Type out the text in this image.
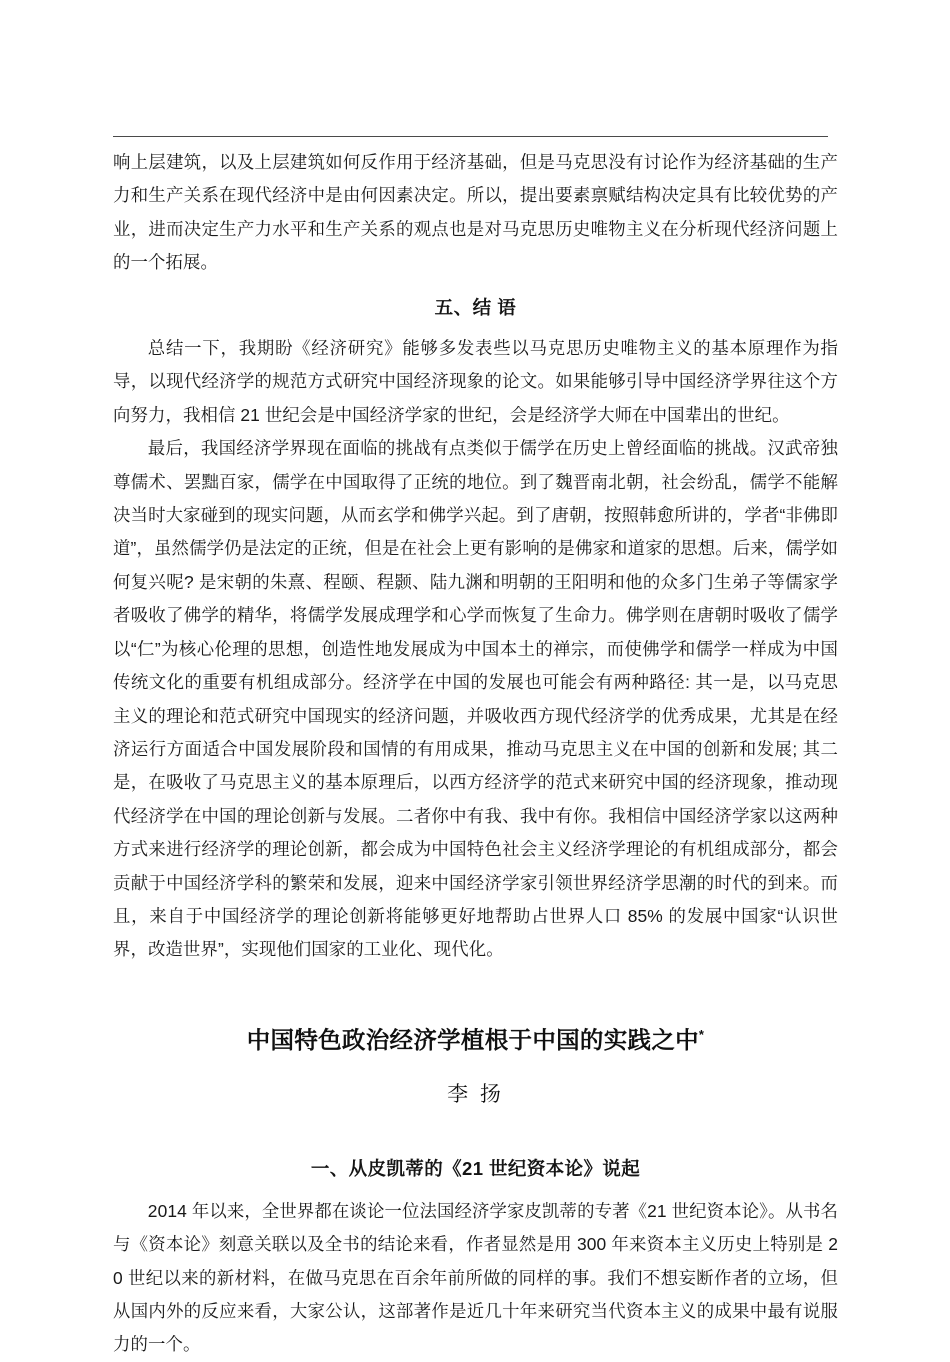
响上层建筑，以及上层建筑如何反作用于经济基础，但是马克思没有讨论作为经济基础的生产力和生产关系在现代经济中是由何因素决定。所以，提出要素禀赋结构决定具有比较优势的产业，进而决定生产力水平和生产关系的观点也是对马克思历史唯物主义在分析现代经济问题上的一个拓展。

五、结 语

总结一下，我期盼《经济研究》能够多发表些以马克思历史唯物主义的基本原理作为指导，以现代经济学的规范方式研究中国经济现象的论文。如果能够引导中国经济学界往这个方向努力，我相信 21 世纪会是中国经济学家的世纪，会是经济学大师在中国辈出的世纪。

最后，我国经济学界现在面临的挑战有点类似于儒学在历史上曾经面临的挑战。汉武帝独尊儒术、罢黜百家，儒学在中国取得了正统的地位。到了魏晋南北朝，社会纷乱，儒学不能解决当时大家碰到的现实问题，从而玄学和佛学兴起。到了唐朝，按照韩愈所讲的，学者“非佛即道”，虽然儒学仍是法定的正统，但是在社会上更有影响的是佛家和道家的思想。后来，儒学如何复兴呢? 是宋朝的朱熹、程颐、程颢、陆九渊和明朝的王阳明和他的众多门生弟子等儒家学者吸收了佛学的精华，将儒学发展成理学和心学而恢复了生命力。佛学则在唐朝时吸收了儒学以“仁”为核心伦理的思想，创造性地发展成为中国本土的禅宗，而使佛学和儒学一样成为中国传统文化的重要有机组成部分。经济学在中国的发展也可能会有两种路径: 其一是，以马克思主义的理论和范式研究中国现实的经济问题，并吸收西方现代经济学的优秀成果，尤其是在经济运行方面适合中国发展阶段和国情的有用成果，推动马克思主义在中国的创新和发展; 其二是，在吸收了马克思主义的基本原理后，以西方经济学的范式来研究中国的经济现象，推动现代经济学在中国的理论创新与发展。二者你中有我、我中有你。我相信中国经济学家以这两种方式来进行经济学的理论创新，都会成为中国特色社会主义经济学理论的有机组成部分，都会贡献于中国经济学科的繁荣和发展，迎来中国经济学家引领世界经济学思潮的时代的到来。而且，来自于中国经济学的理论创新将能够更好地帮助占世界人口 85% 的发展中国家“认识世界，改造世界”，实现他们国家的工业化、现代化。

中国特色政治经济学植根于中国的实践之中*
李 扬
一、从皮凯蒂的《21 世纪资本论》说起

2014 年以来，全世界都在谈论一位法国经济学家皮凯蒂的专著《21 世纪资本论》。从书名与《资本论》刻意关联以及全书的结论来看，作者显然是用 300 年来资本主义历史上特别是 20 世纪以来的新材料，在做马克思在百余年前所做的同样的事。我们不想妄断作者的立场，但从国内外的反应来看，大家公认，这部著作是近几十年来研究当代资本主义的成果中最有说服力的一个。
